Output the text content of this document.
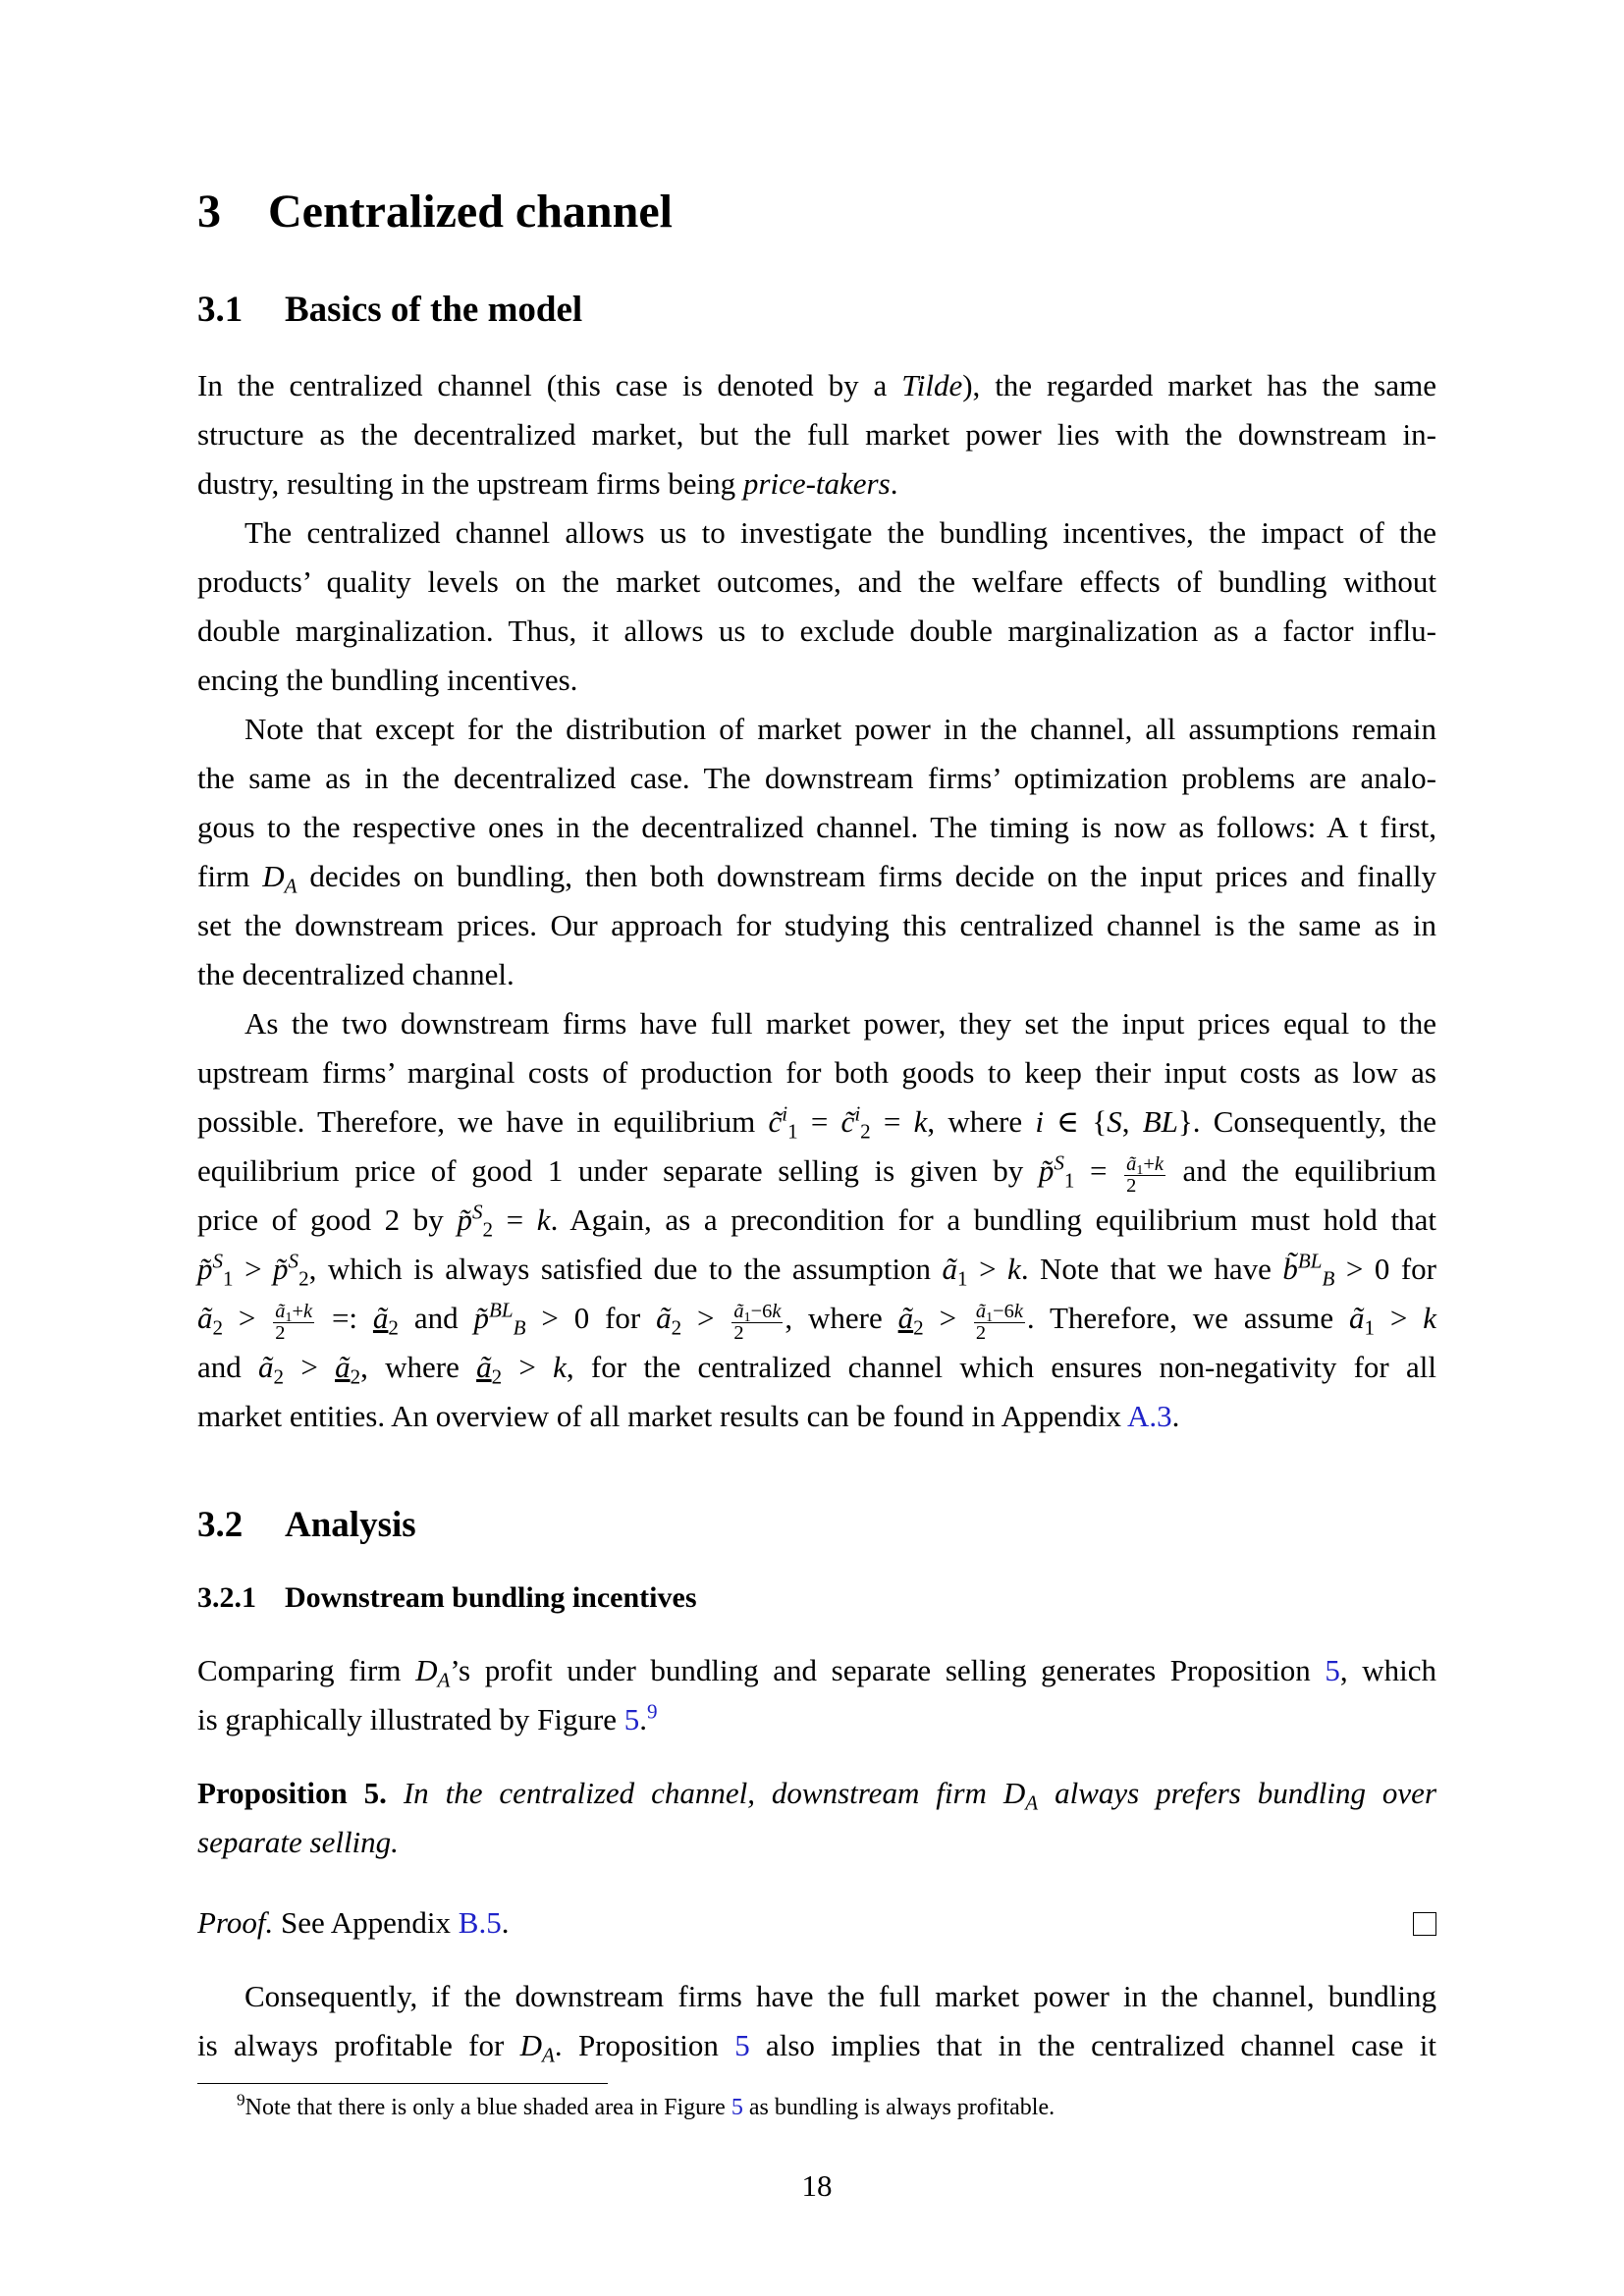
3 Centralized channel
3.1 Basics of the model
In the centralized channel (this case is denoted by a Tilde), the regarded market has the same
structure as the decentralized market, but the full market power lies with the downstream in-
dustry, resulting in the upstream firms being price-takers.
The centralized channel allows us to investigate the bundling incentives, the impact of the
products’ quality levels on the market outcomes, and the welfare effects of bundling without
double marginalization. Thus, it allows us to exclude double marginalization as a factor influ-
encing the bundling incentives.
Note that except for the distribution of market power in the channel, all assumptions remain
the same as in the decentralized case. The downstream firms’ optimization problems are analo-
gous to the respective ones in the decentralized channel. The timing is now as follows: A t first,
firm $D_A$ decides on bundling, then both downstream firms decide on the input prices and finally
set the downstream prices. Our approach for studying this centralized channel is the same as in
the decentralized channel.
As the two downstream firms have full market power, they set the input prices equal to the
upstream firms’ marginal costs of production for both goods to keep their input costs as low as
possible. Therefore, we have in equilibrium c̃$^i_1$ = c̃$^i_2$ = k, where i ∈ {S, BL}. Consequently, the
equilibrium price of good 1 under separate selling is given by p̃$^S_1$ = $\frac{ã_1+k}{2}$ and the equilibrium
price of good 2 by p̃$^S_2$ = k. Again, as a precondition for a bundling equilibrium must hold that
p̃$^S_1$ > p̃$^S_2$, which is always satisfied due to the assumption $ã_1 > k$. Note that we have b̃$^{BL}_B$ > 0 for
$ã_2 > \frac{ã_1+k}{2}$ =: $ã_2$ and p̃$^{BL}_B$ > 0 for $ã_2 > \frac{ã_1-6k}{2}$ , where $ã_2 > \frac{ã_1-6k}{2}$ . Therefore, we assume $ã_1 > k$
and $ã_2$ > $ã_2$, where $ã_2 > k$, for the centralized channel which ensures non-negativity for all
market entities. An overview of all market results can be found in Appendix A.3.
3.2 Analysis
3.2.1 Downstream bundling incentives
Comparing firm $D_A’s$ profit under bundling and separate selling generates Proposition 5, which
is graphically illustrated by Figure 5.$^9$
Proposition 5. In the centralized channel, downstream firm $D_A$ always prefers bundling over
separate selling.
Proof. See Appendix B.5.
Consequently, if the downstream firms have the full market power in the channel, bundling
is always profitable for $D_A$. Proposition 5 also implies that in the centralized channel case it
$^9$Note that there is only a blue shaded area in Figure 5 as bundling is always profitable.
18
